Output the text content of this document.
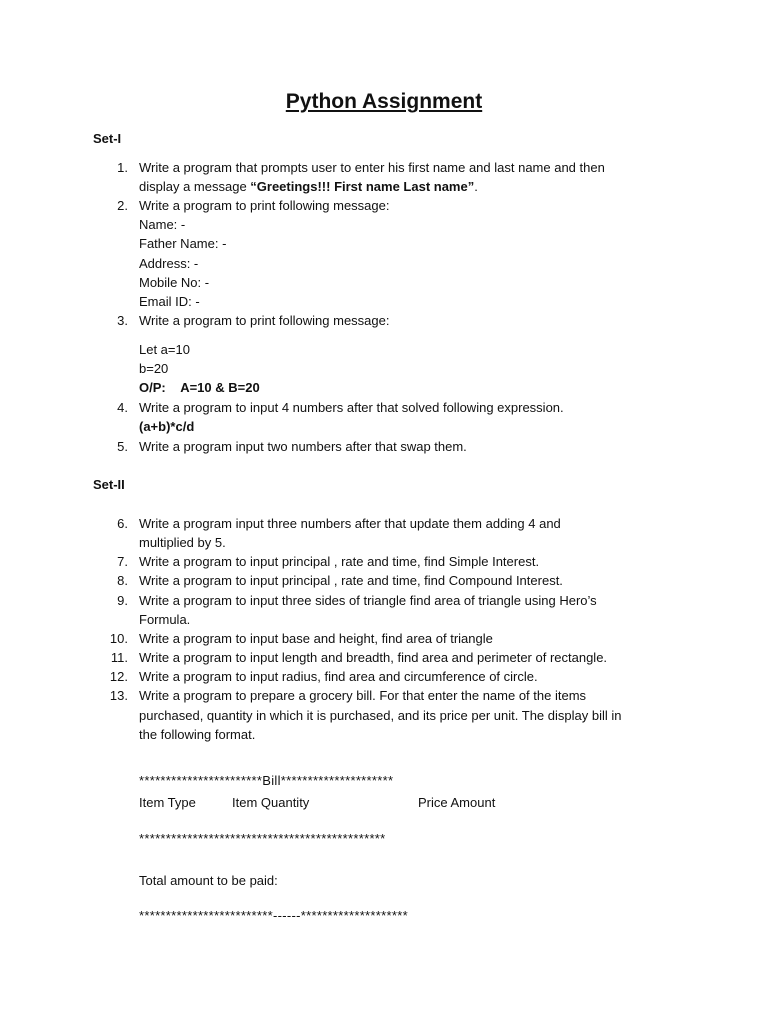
Python Assignment
Set-I
1. Write a program that prompts user to enter his first name and last name and then
display a message “Greetings!!! First name Last name”.
2. Write a program to print following message:
Name: -
Father Name: -
Address: -
Mobile No: -
Email ID: -
3. Write a program to print following message:
Let a=10
b=20
O/P: A=10 & B=20
4. Write a program to input 4 numbers after that solved following expression.
(a+b)*c/d
5. Write a program input two numbers after that swap them.
Set-II
6. Write a program input three numbers after that update them adding 4 and
multiplied by 5.
7. Write a program to input principal , rate and time, find Simple Interest.
8. Write a program to input principal , rate and time, find Compound Interest.
9. Write a program to input three sides of triangle find area of triangle using Hero’s
Formula.
10. Write a program to input base and height, find area of triangle
11. Write a program to input length and breadth, find area and perimeter of rectangle.
12. Write a program to input radius, find area and circumference of circle.
13. Write a program to prepare a grocery bill. For that enter the name of the items
purchased, quantity in which it is purchased, and its price per unit. The display bill in
the following format.
***********************Bill*********************
Item Type	Item Quantity	Price Amount
**********************************************
Total amount to be paid:
*************************------********************
